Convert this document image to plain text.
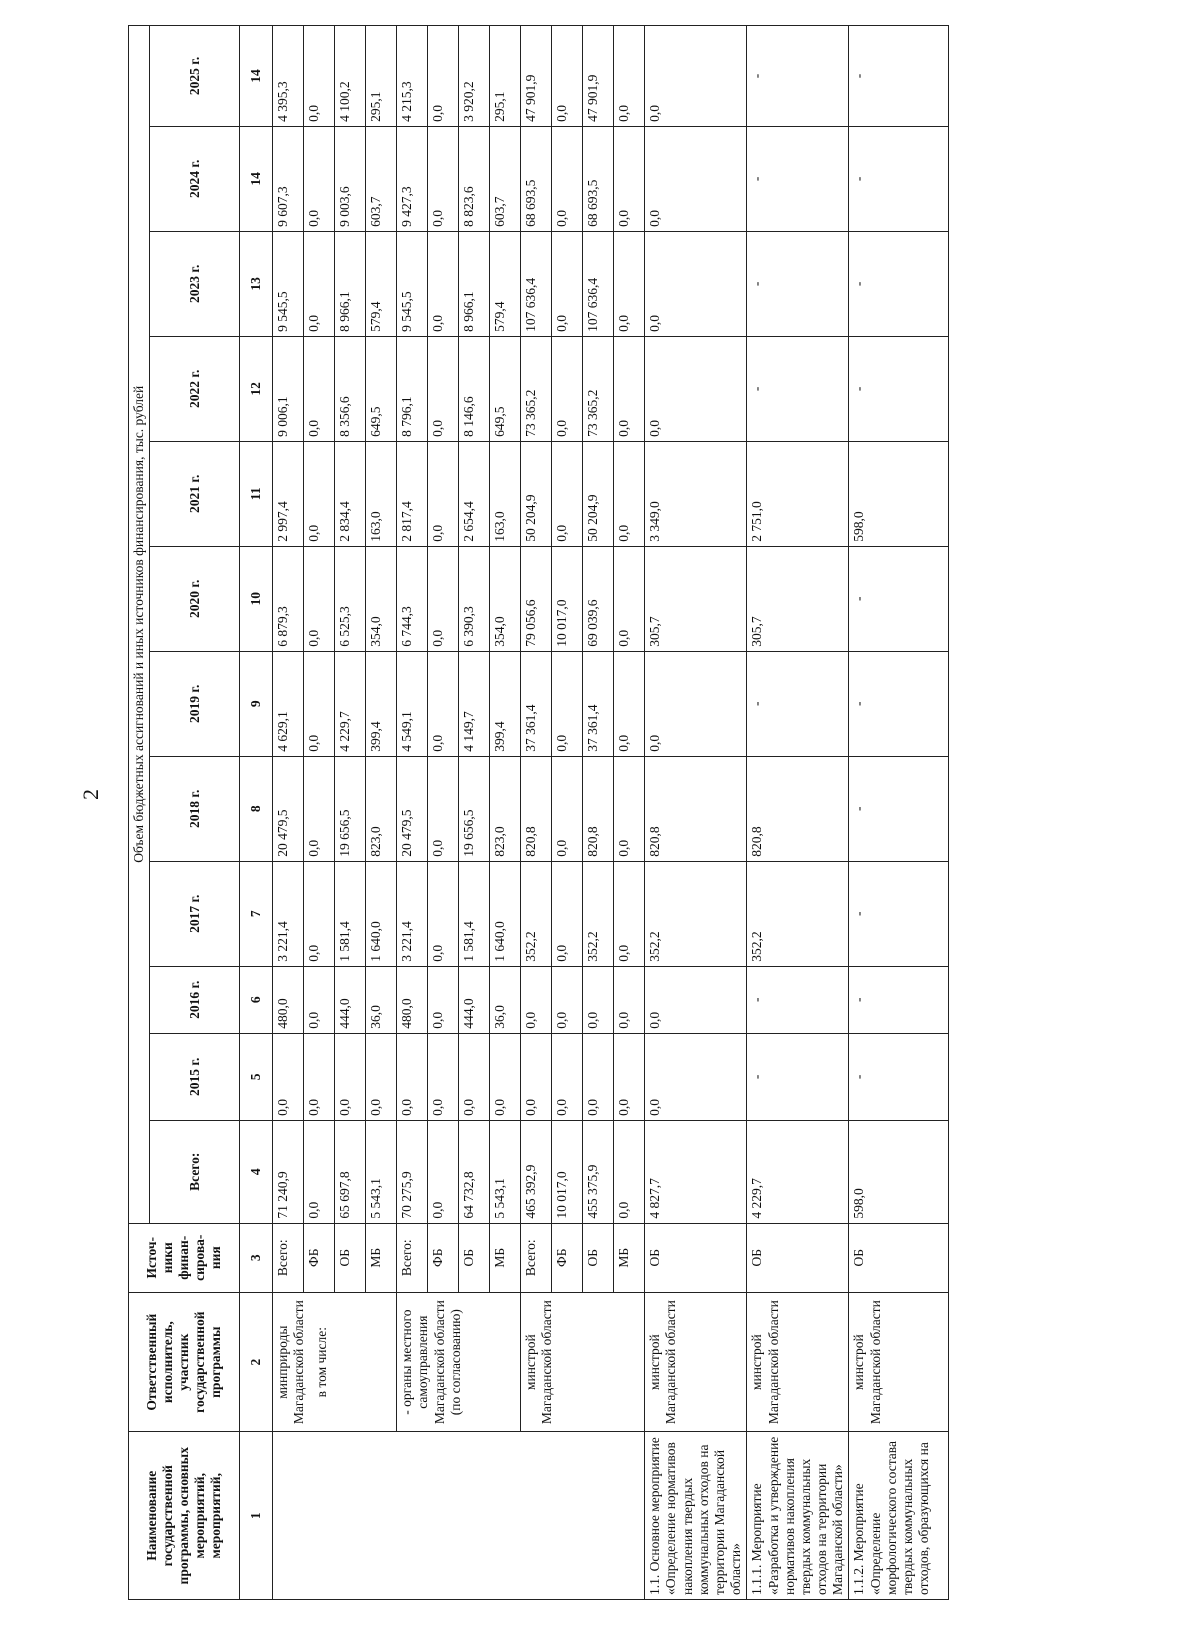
2
Наименование государственной программы, основных мероприятий, мероприятий,	Ответственный исполнитель, участник государственной программы	Источ-ники финан-сирова-ния	Объем бюджетных ассигнований и иных источников финансирования, тыс. рублей											
			Всего:	2015 г.	2016 г.	2017 г.	2018 г.	2019 г.	2020 г.	2021 г.	2022 г.	2023 г.	2024 г.	2025 г.
1	2	3	4	5	6	7	8	9	10	11	12	13	14	14

	минприроды Магаданской области в том числе:	Всего:	71 240,9	0,0	480,0	3 221,4	20 479,5	4 629,1	6 879,3	2 997,4	9 006,1	9 545,5	9 607,3	4 395,3
		ФБ	0,0	0,0	0,0	0,0	0,0	0,0	0,0	0,0	0,0	0,0	0,0	0,0
		ОБ	65 697,8	0,0	444,0	1 581,4	19 656,5	4 229,7	6 525,3	2 834,4	8 356,6	8 966,1	9 003,6	4 100,2
		МБ	5 543,1	0,0	36,0	1 640,0	823,0	399,4	354,0	163,0	649,5	579,4	603,7	295,1

	- органы местного самоуправления Магаданской области (по согласованию)	Всего:	70 275,9	0,0	480,0	3 221,4	20 479,5	4 549,1	6 744,3	2 817,4	8 796,1	9 545,5	9 427,3	4 215,3
		ФБ	0,0	0,0	0,0	0,0	0,0	0,0	0,0	0,0	0,0	0,0	0,0	0,0
		ОБ	64 732,8	0,0	444,0	1 581,4	19 656,5	4 149,7	6 390,3	2 654,4	8 146,6	8 966,1	8 823,6	3 920,2
		МБ	5 543,1	0,0	36,0	1 640,0	823,0	399,4	354,0	163,0	649,5	579,4	603,7	295,1

	минстрой Магаданской области	Всего:	465 392,9	0,0	0,0	352,2	820,8	37 361,4	79 056,6	50 204,9	73 365,2	107 636,4	68 693,5	47 901,9
		ФБ	10 017,0	0,0	0,0	0,0	0,0	0,0	10 017,0	0,0	0,0	0,0	0,0	0,0
		ОБ	455 375,9	0,0	0,0	352,2	820,8	37 361,4	69 039,6	50 204,9	73 365,2	107 636,4	68 693,5	47 901,9
		МБ	0,0	0,0	0,0	0,0	0,0	0,0	0,0	0,0	0,0	0,0	0,0	0,0
1.1. Основное мероприятие «Определение нормативов накопления твердых коммунальных отходов на территории Магаданской области»	минстрой Магаданской области	ОБ	4 827,7	0,0	0,0	352,2	820,8	0,0	305,7	3 349,0	0,0	0,0	0,0	0,0
1.1.1. Мероприятие «Разработка и утверждение нормативов накопления твердых коммунальных отходов на территории Магаданской области»	минстрой Магаданской области	ОБ	4 229,7	-	-	352,2	820,8	-	305,7	2 751,0	-	-	-	-
1.1.2. Мероприятие «Определение морфологического состава твердых коммунальных отходов, образующихся на	минстрой Магаданской области	ОБ	598,0	-	-	-	-	-	-	598,0	-	-	-	-
